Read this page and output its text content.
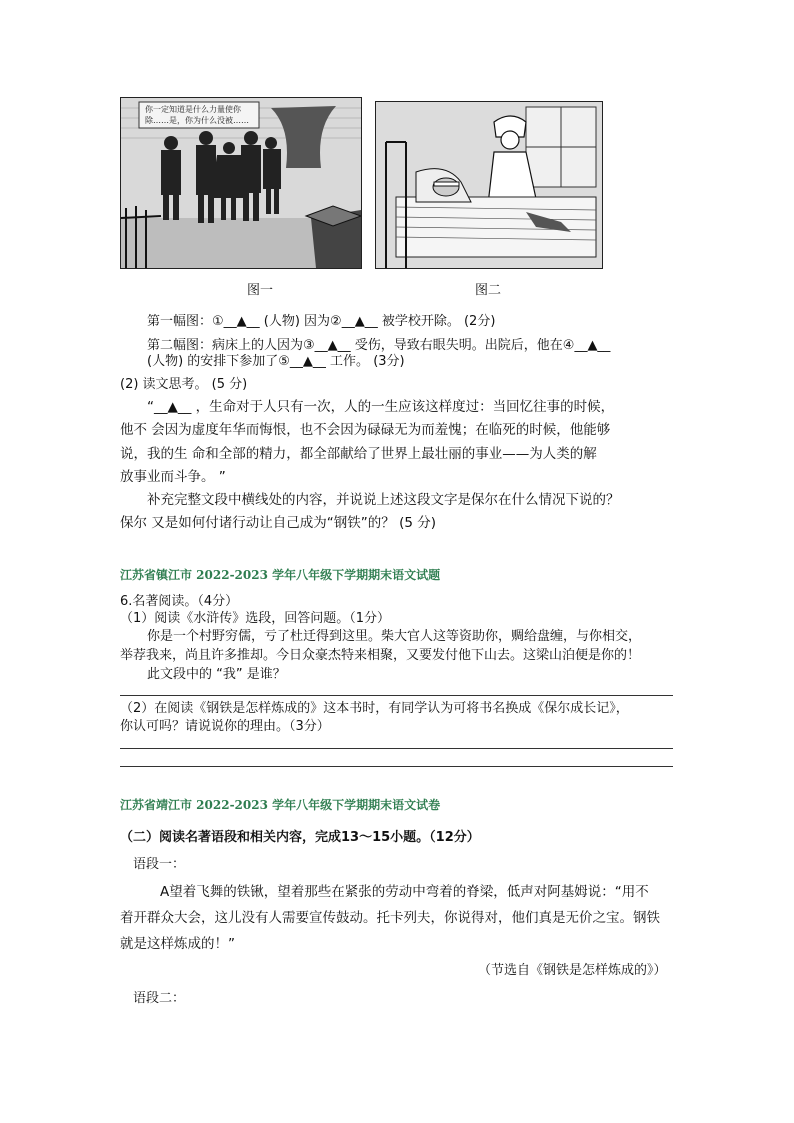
你一定知道是什么力量使你
除……是，你为什么没被……
图一	图二
第一幅图：①__▲__ (人物) 因为②__▲__ 被学校开除。 (2分)
第二幅图：病床上的人因为③__▲__ 受伤，导致右眼失明。出院后，他在④__▲__
(人物) 的安排下参加了⑤__▲__ 工作。 (3分)
(2) 读文思考。 (5 分)
“__▲__ ，生命对于人只有一次，人的一生应该这样度过：当回忆往事的时候，
他不 会因为虚度年华而悔恨，也不会因为碌碌无为而羞愧；在临死的时候，他能够
说，我的生 命和全部的精力，都全部献给了世界上最壮丽的事业——为人类的解
放事业而斗争。 ”
补充完整文段中横线处的内容，并说说上述这段文字是保尔在什么情况下说的？
保尔 又是如何付诸行动让自己成为“钢铁”的？ (5 分)
江苏省镇江市 2022-2023 学年八年级下学期期末语文试题
6.名著阅读。（4分）
（1）阅读《水浒传》选段，回答问题。（1分）
你是一个村野穷儒，亏了杜迁得到这里。柴大官人这等资助你，赒给盘缠，与你相交，
举荐我来，尚且许多推却。今日众豪杰特来相聚，又要发付他下山去。这梁山泊便是你的！
此文段中的 “我” 是谁？
（2）在阅读《钢铁是怎样炼成的》这本书时，有同学认为可将书名换成《保尔成长记》，
你认可吗？请说说你的理由。（3分）
江苏省靖江市 2022-2023 学年八年级下学期期末语文试卷
（二）阅读名著语段和相关内容，完成13～15小题。（12分）
语段一：
A望着飞舞的铁锹，望着那些在紧张的劳动中弯着的脊梁，低声对阿基姆说：“用不
着开群众大会，这儿没有人需要宣传鼓动。托卡列夫，你说得对，他们真是无价之宝。钢铁
就是这样炼成的！”
（节选自《钢铁是怎样炼成的》）
语段二：
